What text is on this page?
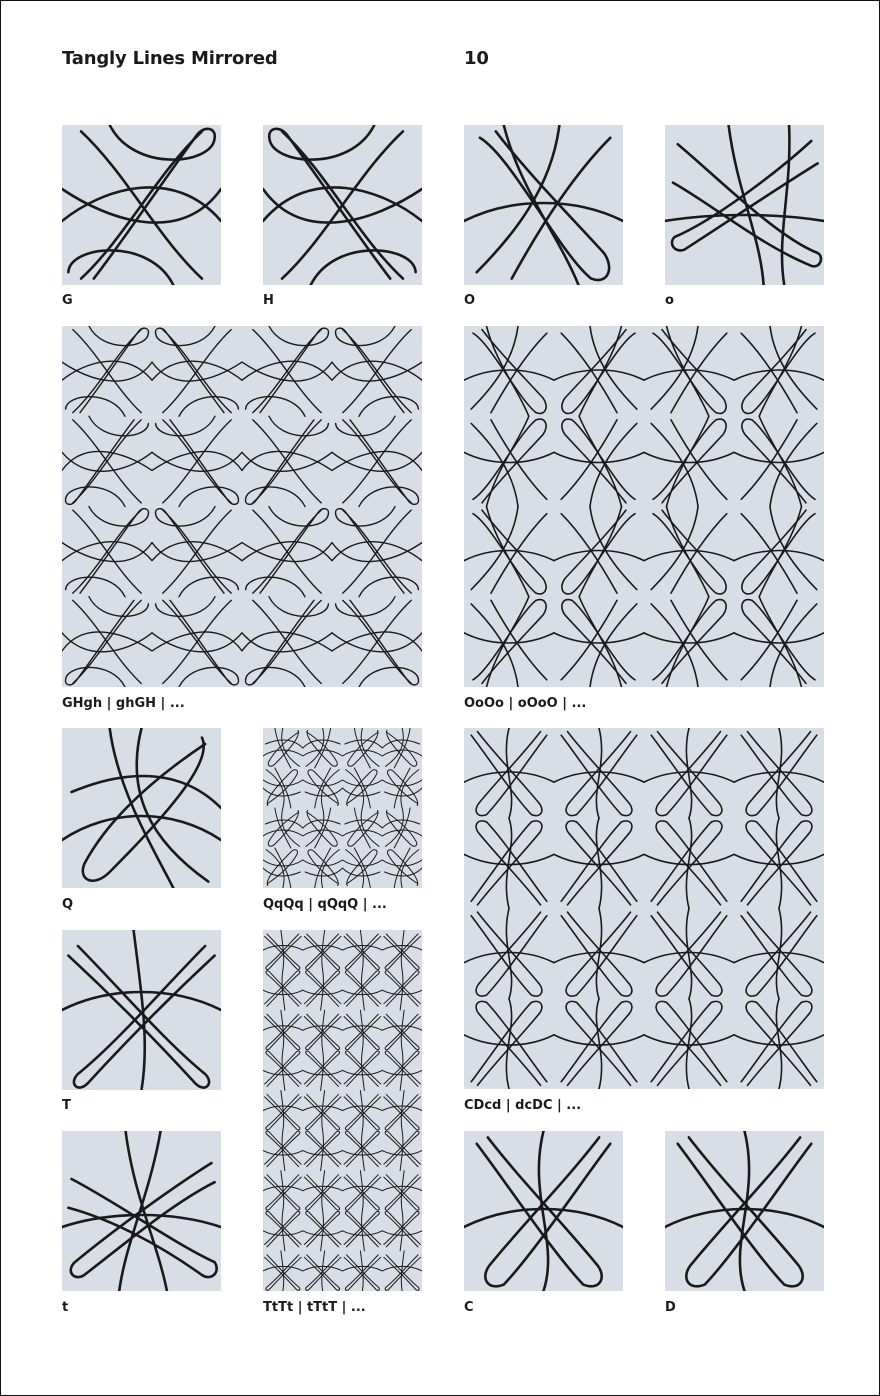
Tangly Lines Mirrored	10
G	H	O	o
GHgh | ghGH | ...	OoOo | oOoO | ...
Q	QqQq | qQqQ | ...
CDcd | dcDC | ...
T
TtTt | tTtT | ...
t	C	D
